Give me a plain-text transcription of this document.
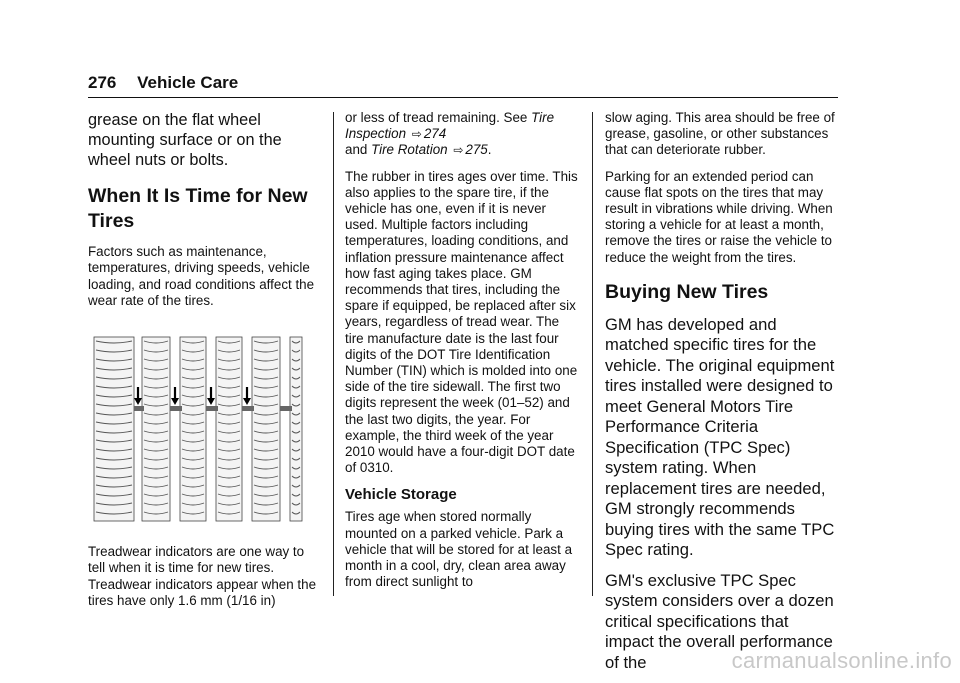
276 Vehicle Care

grease on the flat wheel mounting surface or on the wheel nuts or bolts.

When It Is Time for New Tires

Factors such as maintenance, temperatures, driving speeds, vehicle loading, and road conditions affect the wear rate of the tires.

Treadwear indicators are one way to tell when it is time for new tires. Treadwear indicators appear when the tires have only 1.6 mm (1/16 in)

or less of tread remaining. See Tire Inspection ⇨ 274
and Tire Rotation ⇨ 275.

The rubber in tires ages over time. This also applies to the spare tire, if the vehicle has one, even if it is never used. Multiple factors including temperatures, loading conditions, and inflation pressure maintenance affect how fast aging takes place. GM recommends that tires, including the spare if equipped, be replaced after six years, regardless of tread wear. The tire manufacture date is the last four digits of the DOT Tire Identification Number (TIN) which is molded into one side of the tire sidewall. The first two digits represent the week (01–52) and the last two digits, the year. For example, the third week of the year 2010 would have a four-digit DOT date of 0310.

Vehicle Storage

Tires age when stored normally mounted on a parked vehicle. Park a vehicle that will be stored for at least a month in a cool, dry, clean area away from direct sunlight to

slow aging. This area should be free of grease, gasoline, or other substances that can deteriorate rubber.

Parking for an extended period can cause flat spots on the tires that may result in vibrations while driving. When storing a vehicle for at least a month, remove the tires or raise the vehicle to reduce the weight from the tires.

Buying New Tires

GM has developed and matched specific tires for the vehicle. The original equipment tires installed were designed to meet General Motors Tire Performance Criteria Specification (TPC Spec) system rating. When replacement tires are needed, GM strongly recommends buying tires with the same TPC Spec rating.

GM's exclusive TPC Spec system considers over a dozen critical specifications that impact the overall performance of the	carmanualsonline.info
